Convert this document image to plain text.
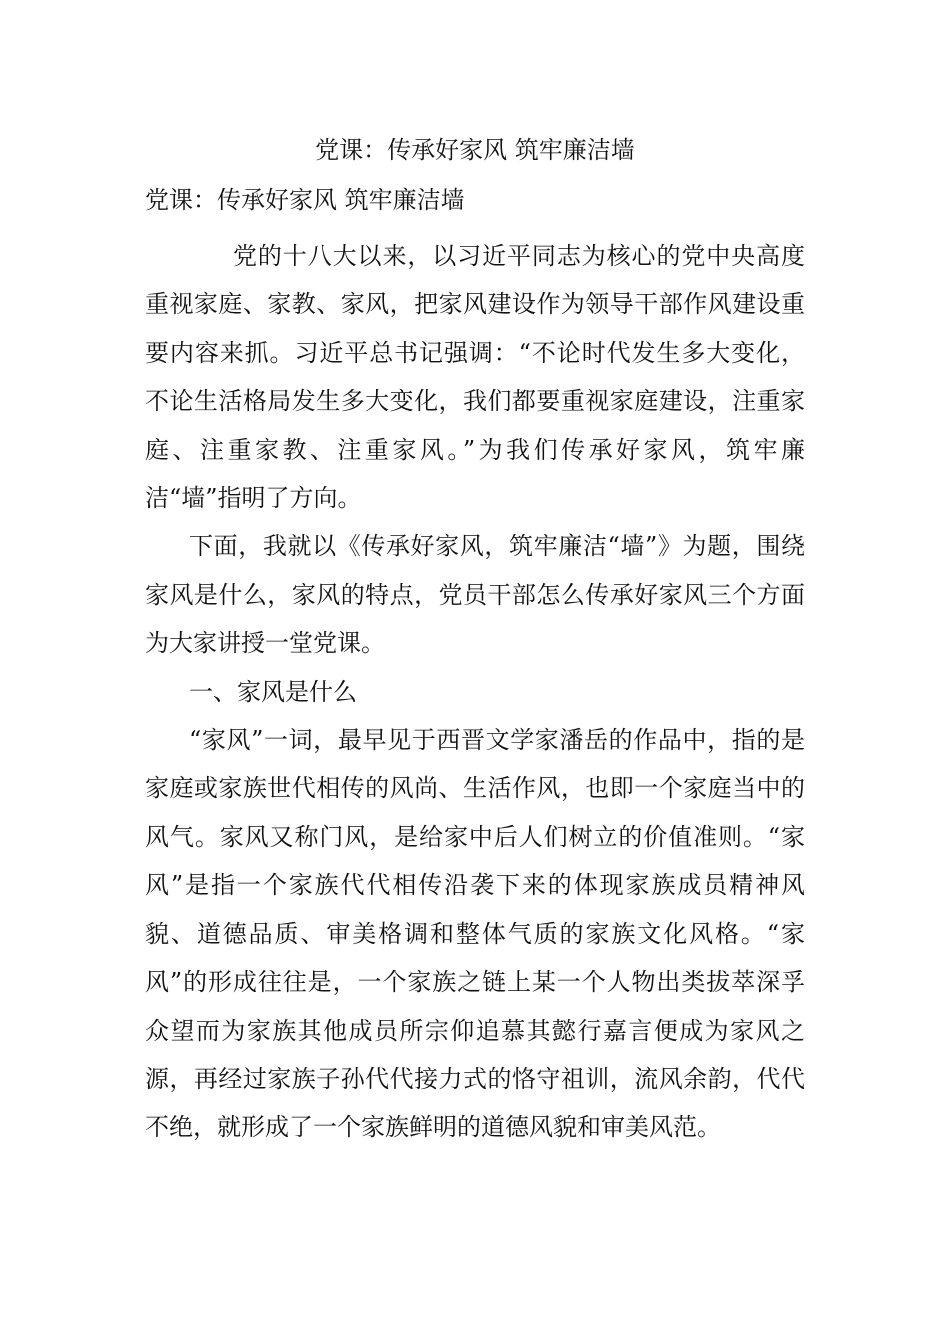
党课：传承好家风 筑牢廉洁墙
党课：传承好家风 筑牢廉洁墙

党的十八大以来，以习近平同志为核心的党中央高度重视家庭、家教、家风，把家风建设作为领导干部作风建设重要内容来抓。习近平总书记强调：“不论时代发生多大变化，不论生活格局发生多大变化，我们都要重视家庭建设，注重家庭、注重家教、注重家风。”为我们传承好家风，筑牢廉洁“墙”指明了方向。

下面，我就以《传承好家风，筑牢廉洁“墙”》为题，围绕家风是什么，家风的特点，党员干部怎么传承好家风三个方面为大家讲授一堂党课。

一、家风是什么

“家风”一词，最早见于西晋文学家潘岳的作品中，指的是家庭或家族世代相传的风尚、生活作风，也即一个家庭当中的风气。家风又称门风，是给家中后人们树立的价值准则。“家风”是指一个家族代代相传沿袭下来的体现家族成员精神风貌、道德品质、审美格调和整体气质的家族文化风格。“家风”的形成往往是，一个家族之链上某一个人物出类拔萃深孚众望而为家族其他成员所宗仰追慕其懿行嘉言便成为家风之源，再经过家族子孙代代接力式的恪守祖训，流风余韵，代代不绝，就形成了一个家族鲜明的道德风貌和审美风范。
